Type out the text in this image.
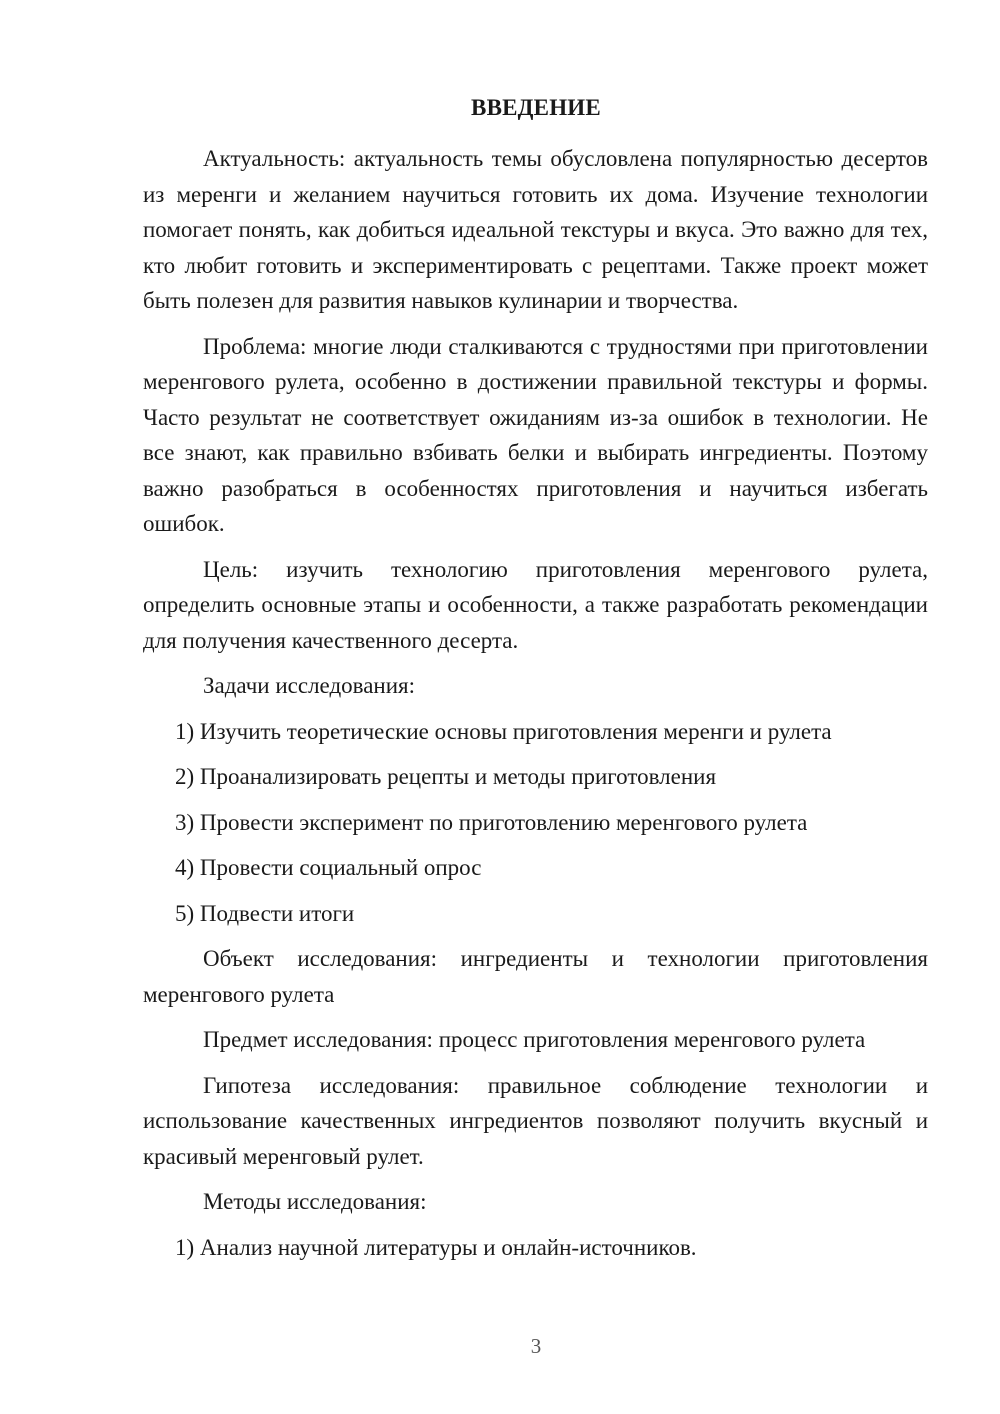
ВВЕДЕНИЕ

Актуальность: актуальность темы обусловлена популярностью десертов из меренги и желанием научиться готовить их дома. Изучение технологии помогает понять, как добиться идеальной текстуры и вкуса. Это важно для тех, кто любит готовить и экспериментировать с рецептами. Также проект может быть полезен для развития навыков кулинарии и творчества.

Проблема: многие люди сталкиваются с трудностями при приготовлении меренгового рулета, особенно в достижении правильной текстуры и формы. Часто результат не соответствует ожиданиям из-за ошибок в технологии. Не все знают, как правильно взбивать белки и выбирать ингредиенты. Поэтому важно разобраться в особенностях приготовления и научиться избегать ошибок.

Цель: изучить технологию приготовления меренгового рулета, определить основные этапы и особенности, а также разработать рекомендации для получения качественного десерта.

Задачи исследования:

1) Изучить теоретические основы приготовления меренги и рулета

2) Проанализировать рецепты и методы приготовления

3) Провести эксперимент по приготовлению меренгового рулета

4) Провести социальный опрос

5) Подвести итоги

Объект исследования: ингредиенты и технологии приготовления меренгового рулета

Предмет исследования: процесс приготовления меренгового рулета

Гипотеза исследования: правильное соблюдение технологии и использование качественных ингредиентов позволяют получить вкусный и красивый меренговый рулет.

Методы исследования:

1) Анализ научной литературы и онлайн-источников.

3
